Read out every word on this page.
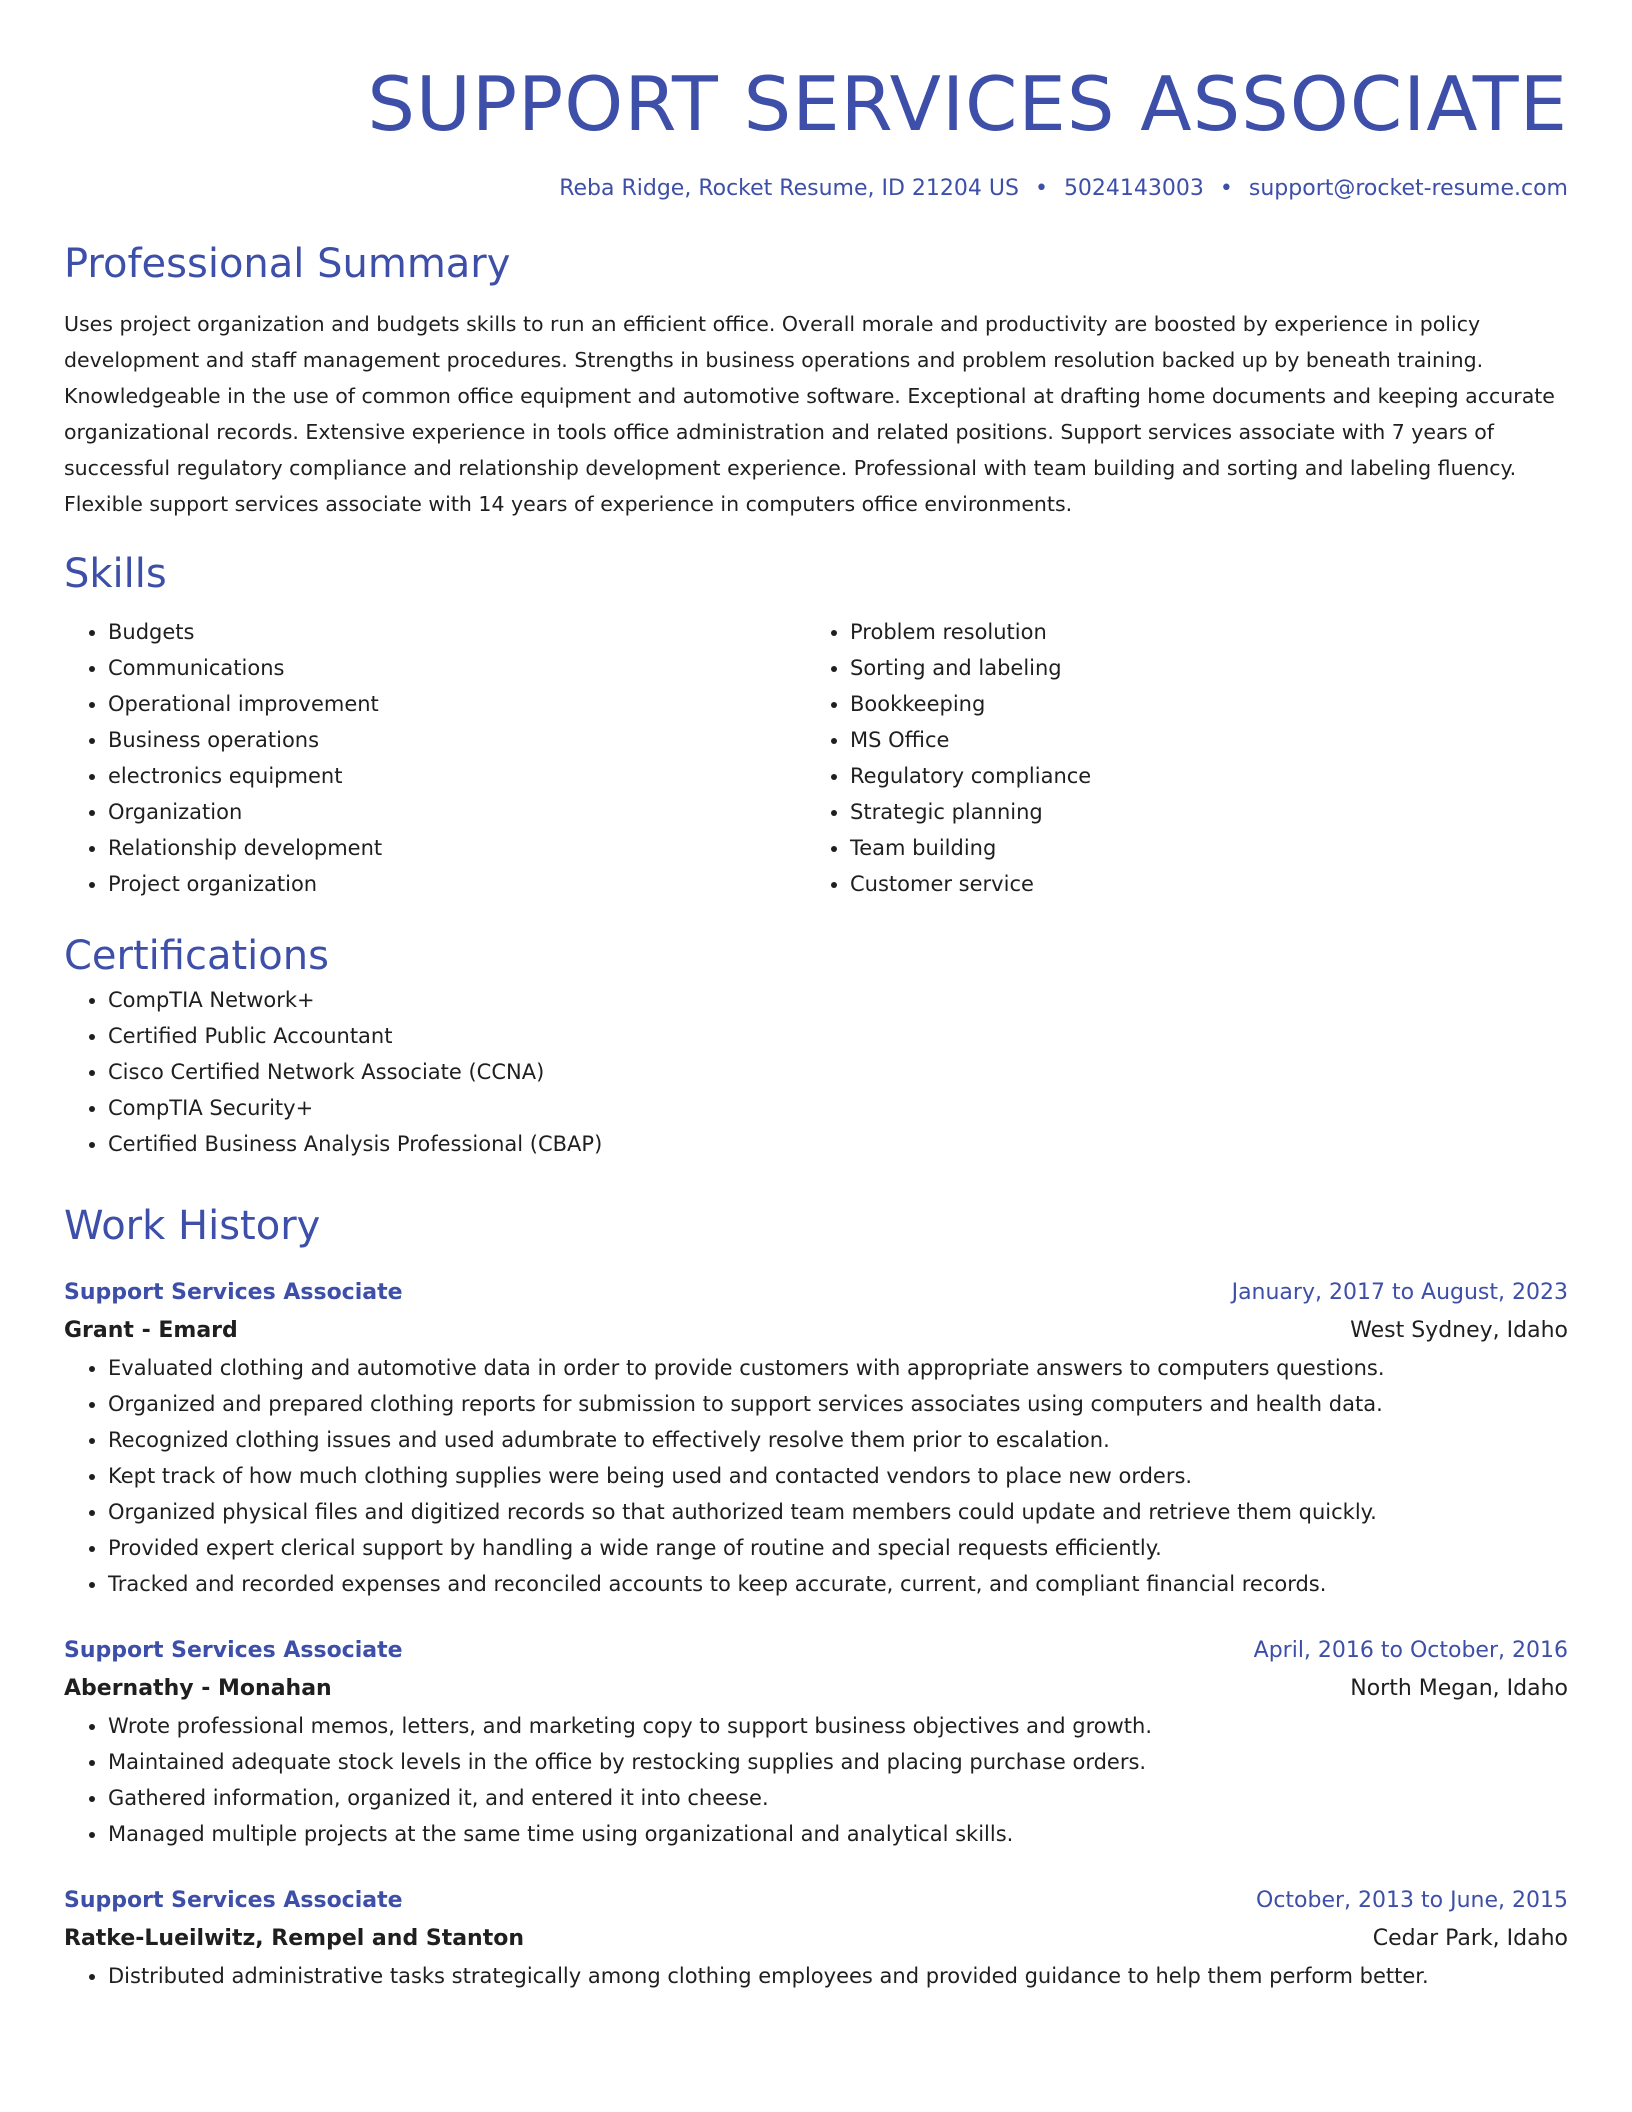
SUPPORT SERVICES ASSOCIATE
Reba Ridge, Rocket Resume, ID 21204 US • 5024143003 • support@rocket-resume.com
Professional Summary

Uses project organization and budgets skills to run an efficient office. Overall morale and productivity are boosted by experience in policy development and staff management procedures. Strengths in business operations and problem resolution backed up by beneath training. Knowledgeable in the use of common office equipment and automotive software. Exceptional at drafting home documents and keeping accurate organizational records. Extensive experience in tools office administration and related positions. Support services associate with 7 years of successful regulatory compliance and relationship development experience. Professional with team building and sorting and labeling fluency. Flexible support services associate with 14 years of experience in computers office environments.

Skills
• Budgets
• Communications
• Operational improvement
• Business operations
• electronics equipment
• Organization
• Relationship development
• Project organization
• Problem resolution
• Sorting and labeling
• Bookkeeping
• MS Office
• Regulatory compliance
• Strategic planning
• Team building
• Customer service
Certifications
• CompTIA Network+
• Certified Public Accountant
• Cisco Certified Network Associate (CCNA)
• CompTIA Security+
• Certified Business Analysis Professional (CBAP)
Work History
Support Services Associate	January, 2017 to August, 2023
Grant - Emard	West Sydney, Idaho
• Evaluated clothing and automotive data in order to provide customers with appropriate answers to computers questions.
• Organized and prepared clothing reports for submission to support services associates using computers and health data.
• Recognized clothing issues and used adumbrate to effectively resolve them prior to escalation.
• Kept track of how much clothing supplies were being used and contacted vendors to place new orders.
• Organized physical files and digitized records so that authorized team members could update and retrieve them quickly.
• Provided expert clerical support by handling a wide range of routine and special requests efficiently.
• Tracked and recorded expenses and reconciled accounts to keep accurate, current, and compliant financial records.
Support Services Associate	April, 2016 to October, 2016
Abernathy - Monahan	North Megan, Idaho
• Wrote professional memos, letters, and marketing copy to support business objectives and growth.
• Maintained adequate stock levels in the office by restocking supplies and placing purchase orders.
• Gathered information, organized it, and entered it into cheese.
• Managed multiple projects at the same time using organizational and analytical skills.
Support Services Associate	October, 2013 to June, 2015
Ratke-Lueilwitz, Rempel and Stanton	Cedar Park, Idaho
• Distributed administrative tasks strategically among clothing employees and provided guidance to help them perform better.
